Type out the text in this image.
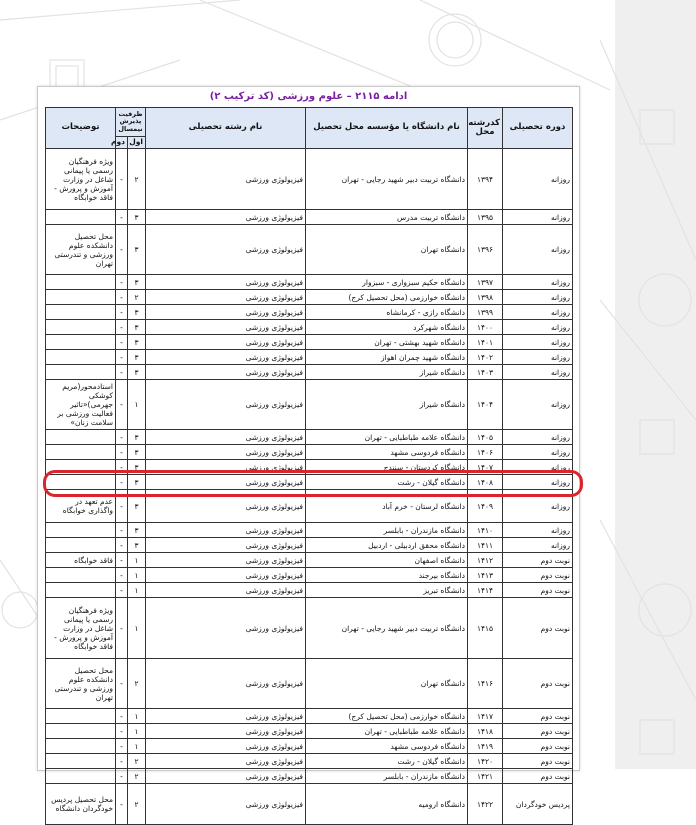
ادامه ۲۱۱۵ – علوم ورزشی (کد ترکیب ۲)
دوره تحصیلی	کدرشته محل	نام دانشگاه یا مؤسسه محل تحصیل	نام رشته تحصیلی	ظرفیت پذیرش نیمسال		توضیحات
				اول	دوم	
روزانه	۱۳۹۴	دانشگاه تربیت دبیر شهید رجایی - تهران	فیزیولوژی ورزشی	۲	-	ویژه فرهنگیان رسمی یا پیمانی شاغل در وزارت آموزش و پرورش - فاقد خوابگاه
روزانه	۱۳۹۵	دانشگاه تربیت مدرس	فیزیولوژی ورزشی	۳	-	
روزانه	۱۳۹۶	دانشگاه تهران	فیزیولوژی ورزشی	۳	-	محل تحصیل دانشکده علوم ورزشی و تندرستی تهران
روزانه	۱۳۹۷	دانشگاه حکیم سبزواری - سبزوار	فیزیولوژی ورزشی	۳	-	
روزانه	۱۳۹۸	دانشگاه خوارزمی (محل تحصیل کرج)	فیزیولوژی ورزشی	۲	-	
روزانه	۱۳۹۹	دانشگاه رازی - کرمانشاه	فیزیولوژی ورزشی	۳	-	
روزانه	۱۴۰۰	دانشگاه شهرکرد	فیزیولوژی ورزشی	۳	-	
روزانه	۱۴۰۱	دانشگاه شهید بهشتی - تهران	فیزیولوژی ورزشی	۳	-	
روزانه	۱۴۰۲	دانشگاه شهید چمران اهواز	فیزیولوژی ورزشی	۳	-	
روزانه	۱۴۰۳	دانشگاه شیراز	فیزیولوژی ورزشی	۳	-	
روزانه	۱۴۰۴	دانشگاه شیراز	فیزیولوژی ورزشی	۱	-	استادمحور(مریم کوشکی جهرمی)«تاثیر فعالیت ورزشی بر سلامت زنان»
روزانه	۱۴۰۵	دانشگاه علامه طباطبایی - تهران	فیزیولوژی ورزشی	۳	-	
روزانه	۱۴۰۶	دانشگاه فردوسی مشهد	فیزیولوژی ورزشی	۳	-	
روزانه	۱۴۰۷	دانشگاه کردستان - سنندج	فیزیولوژی ورزشی	۳	-	
روزانه	۱۴۰۸	دانشگاه گیلان - رشت	فیزیولوژی ورزشی	۳	-	
روزانه	۱۴۰۹	دانشگاه لرستان - خرم آباد	فیزیولوژی ورزشی	۳	-	عدم تعهد در واگذاری خوابگاه
روزانه	۱۴۱۰	دانشگاه مازندران - بابلسر	فیزیولوژی ورزشی	۳	-	
روزانه	۱۴۱۱	دانشگاه محقق اردبیلی - اردبیل	فیزیولوژی ورزشی	۳	-	
نوبت دوم	۱۴۱۲	دانشگاه اصفهان	فیزیولوژی ورزشی	۱	-	فاقد خوابگاه
نوبت دوم	۱۴۱۳	دانشگاه بیرجند	فیزیولوژی ورزشی	۱	-	
نوبت دوم	۱۴۱۴	دانشگاه تبریز	فیزیولوژی ورزشی	۱	-	
نوبت دوم	۱۴۱۵	دانشگاه تربیت دبیر شهید رجایی - تهران	فیزیولوژی ورزشی	۱	-	ویژه فرهنگیان رسمی یا پیمانی شاغل در وزارت آموزش و پرورش - فاقد خوابگاه
نوبت دوم	۱۴۱۶	دانشگاه تهران	فیزیولوژی ورزشی	۲	-	محل تحصیل دانشکده علوم ورزشی و تندرستی تهران
نوبت دوم	۱۴۱۷	دانشگاه خوارزمی (محل تحصیل کرج)	فیزیولوژی ورزشی	۱	-	
نوبت دوم	۱۴۱۸	دانشگاه علامه طباطبایی - تهران	فیزیولوژی ورزشی	۱	-	
نوبت دوم	۱۴۱۹	دانشگاه فردوسی مشهد	فیزیولوژی ورزشی	۱	-	
نوبت دوم	۱۴۲۰	دانشگاه گیلان - رشت	فیزیولوژی ورزشی	۲	-	
نوبت دوم	۱۴۲۱	دانشگاه مازندران - بابلسر	فیزیولوژی ورزشی	۲	-	
پردیس خودگردان	۱۴۲۲	دانشگاه ارومیه	فیزیولوژی ورزشی	۲	-	محل تحصیل پردیس خودگردان دانشگاه
